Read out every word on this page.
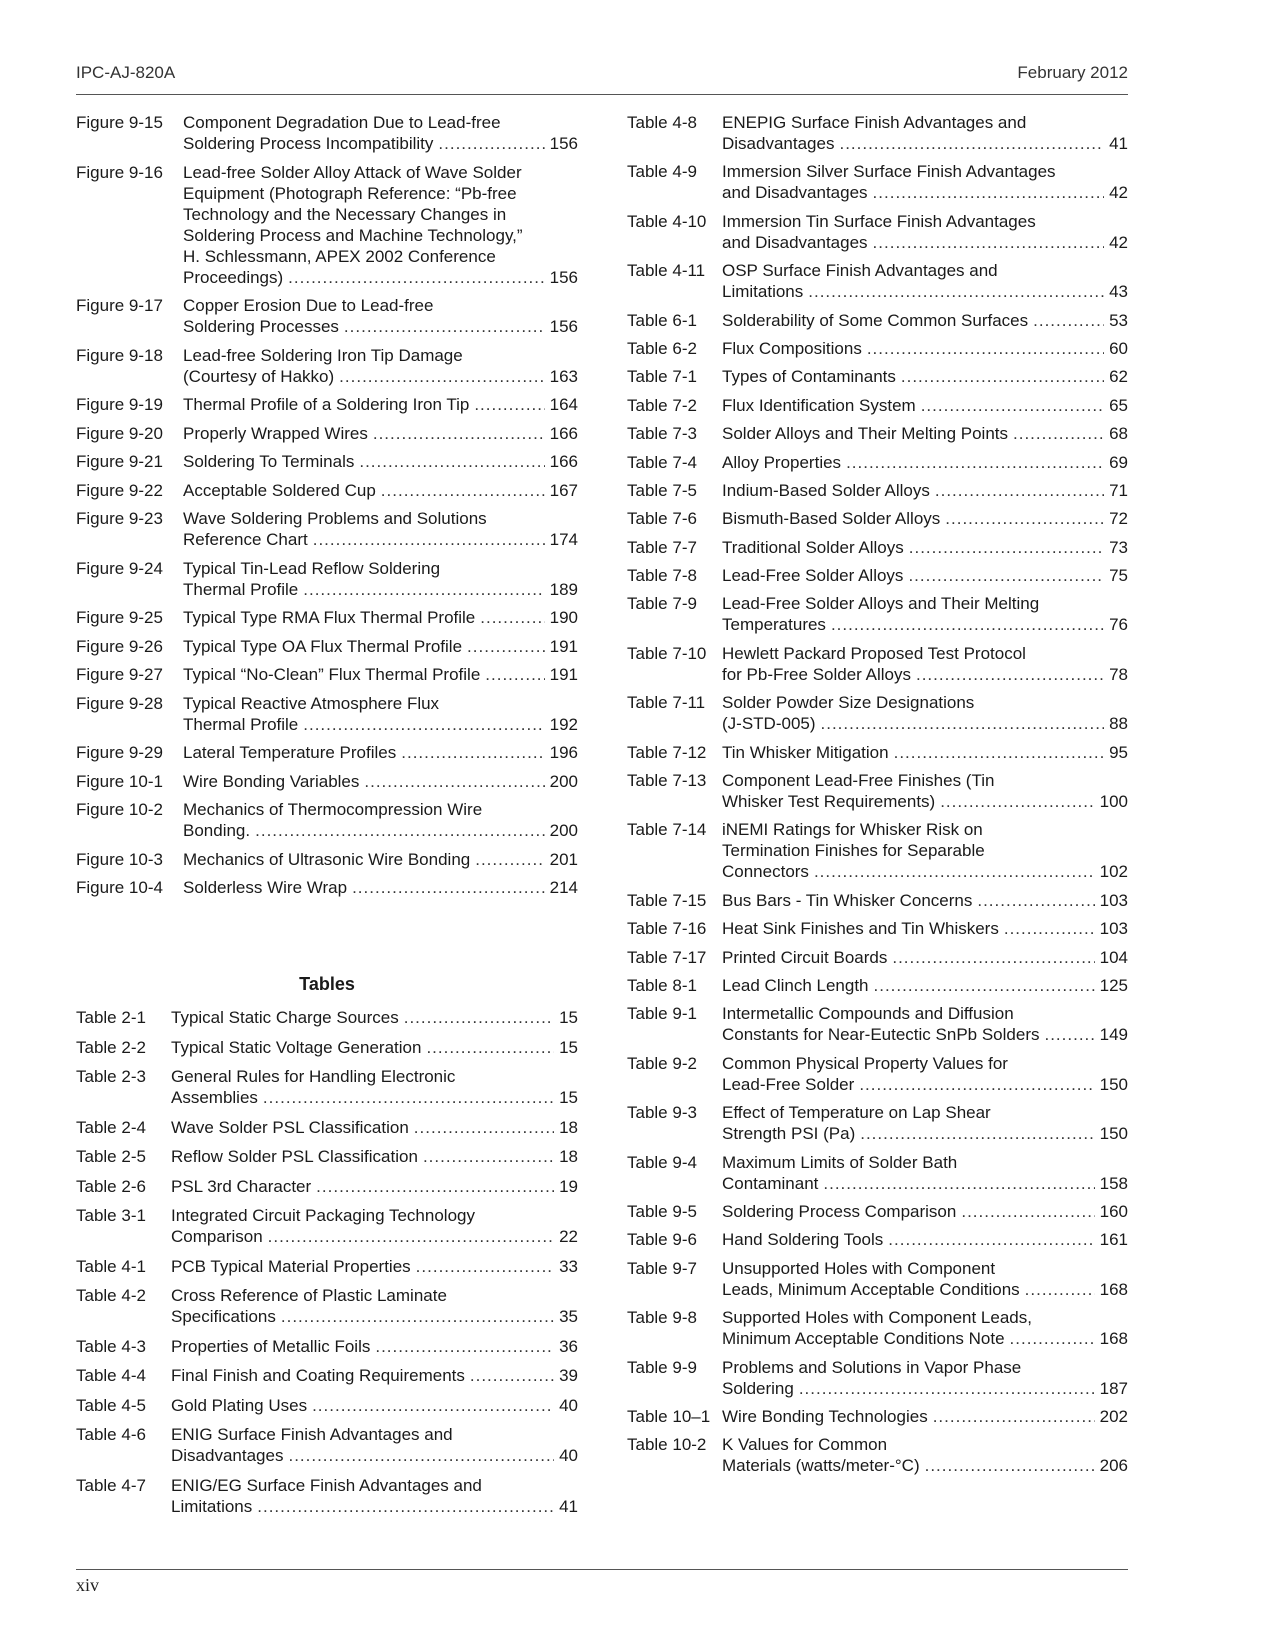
IPC-AJ-820A	February 2012
Figure 9-15	Component Degradation Due to Lead-free
Soldering Process Incompatibility .....	156
Figure 9-16	Lead-free Solder Alloy Attack of Wave Solder
Equipment (Photograph Reference: “Pb-free
Technology and the Necessary Changes in
Soldering Process and Machine Technology,”
H. Schlessmann, APEX 2002 Conference
Proceedings) .....	156
Figure 9-17	Copper Erosion Due to Lead-free
Soldering Processes .....	156
Figure 9-18	Lead-free Soldering Iron Tip Damage
(Courtesy of Hakko) .....	163
Figure 9-19	Thermal Profile of a Soldering Iron Tip .....	164
Figure 9-20	Properly Wrapped Wires .....	166
Figure 9-21	Soldering To Terminals .....	166
Figure 9-22	Acceptable Soldered Cup .....	167
Figure 9-23	Wave Soldering Problems and Solutions
Reference Chart .....	174
Figure 9-24	Typical Tin-Lead Reflow Soldering
Thermal Profile .....	189
Figure 9-25	Typical Type RMA Flux Thermal Profile .....	190
Figure 9-26	Typical Type OA Flux Thermal Profile .....	191
Figure 9-27	Typical “No-Clean” Flux Thermal Profile .....	191
Figure 9-28	Typical Reactive Atmosphere Flux
Thermal Profile .....	192
Figure 9-29	Lateral Temperature Profiles .....	196
Figure 10-1	Wire Bonding Variables .....	200
Figure 10-2	Mechanics of Thermocompression Wire
Bonding. .....	200
Figure 10-3	Mechanics of Ultrasonic Wire Bonding .....	201
Figure 10-4	Solderless Wire Wrap .....	214
Tables
Table 2-1	Typical Static Charge Sources .....	15
Table 2-2	Typical Static Voltage Generation .....	15
Table 2-3	General Rules for Handling Electronic
Assemblies .....	15
Table 2-4	Wave Solder PSL Classification .....	18
Table 2-5	Reflow Solder PSL Classification .....	18
Table 2-6	PSL 3rd Character .....	19
Table 3-1	Integrated Circuit Packaging Technology
Comparison .....	22
Table 4-1	PCB Typical Material Properties .....	33
Table 4-2	Cross Reference of Plastic Laminate
Specifications .....	35
Table 4-3	Properties of Metallic Foils .....	36
Table 4-4	Final Finish and Coating Requirements .....	39
Table 4-5	Gold Plating Uses .....	40
Table 4-6	ENIG Surface Finish Advantages and
Disadvantages .....	40
Table 4-7	ENIG/EG Surface Finish Advantages and
Limitations .....	41
Table 4-8	ENEPIG Surface Finish Advantages and
Disadvantages .....	41
Table 4-9	Immersion Silver Surface Finish Advantages
and Disadvantages .....	42
Table 4-10 Immersion Tin Surface Finish Advantages
and Disadvantages .....	42
Table 4-11 OSP Surface Finish Advantages and
Limitations .....	43
Table 6-1	Solderability of Some Common Surfaces .....	53
Table 6-2	Flux Compositions .....	60
Table 7-1	Types of Contaminants .....	62
Table 7-2	Flux Identification System .....	65
Table 7-3	Solder Alloys and Their Melting Points .....	68
Table 7-4	Alloy Properties .....	69
Table 7-5	Indium-Based Solder Alloys .....	71
Table 7-6	Bismuth-Based Solder Alloys .....	72
Table 7-7	Traditional Solder Alloys .....	73
Table 7-8	Lead-Free Solder Alloys .....	75
Table 7-9	Lead-Free Solder Alloys and Their Melting
Temperatures .....	76
Table 7-10 Hewlett Packard Proposed Test Protocol
for Pb-Free Solder Alloys .....	78
Table 7-11 Solder Powder Size Designations
(J-STD-005) .....	88
Table 7-12 Tin Whisker Mitigation .....	95
Table 7-13 Component Lead-Free Finishes (Tin
Whisker Test Requirements) .....	100
Table 7-14 iNEMI Ratings for Whisker Risk on
Termination Finishes for Separable
Connectors .....	102
Table 7-15 Bus Bars - Tin Whisker Concerns .....	103
Table 7-16 Heat Sink Finishes and Tin Whiskers .....	103
Table 7-17 Printed Circuit Boards .....	104
Table 8-1	Lead Clinch Length .....	125
Table 9-1	Intermetallic Compounds and Diffusion
Constants for Near-Eutectic SnPb Solders .....	149
Table 9-2	Common Physical Property Values for
Lead-Free Solder .....	150
Table 9-3	Effect of Temperature on Lap Shear
Strength PSI (Pa) .....	150
Table 9-4	Maximum Limits of Solder Bath
Contaminant .....	158
Table 9-5	Soldering Process Comparison .....	160
Table 9-6	Hand Soldering Tools .....	161
Table 9-7	Unsupported Holes with Component
Leads, Minimum Acceptable Conditions .....	168
Table 9-8	Supported Holes with Component Leads,
Minimum Acceptable Conditions Note .....	168
Table 9-9	Problems and Solutions in Vapor Phase
Soldering .....	187
Table 10–1 Wire Bonding Technologies .....	202
Table 10-2 K Values for Common
Materials (watts/meter-°C) .....	206
xiv
